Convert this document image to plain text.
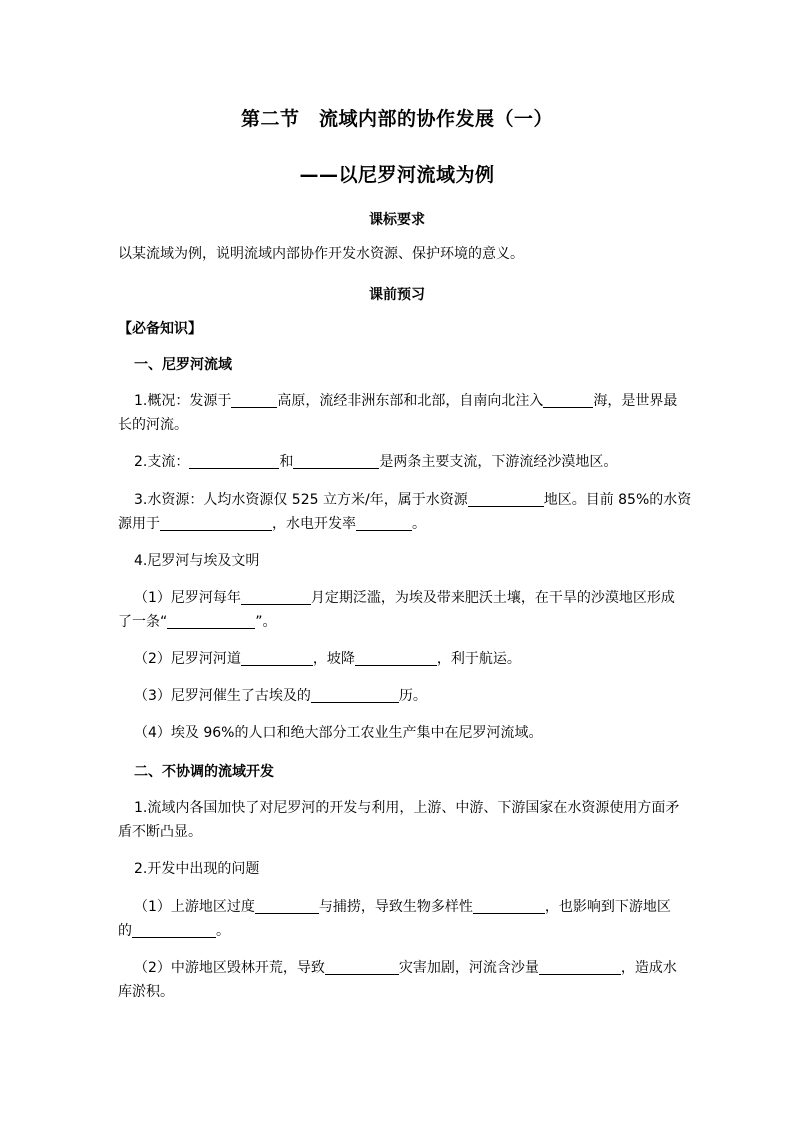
第二节　流域内部的协作发展（一）
——以尼罗河流域为例
课标要求
以某流域为例，说明流域内部协作开发水资源、保护环境的意义。
课前预习
【必备知识】
一、尼罗河流域
1.概况：发源于	高原，流经非洲东部和北部，自南向北注入	海，是世界最
长的河流。
2.支流：	和	是两条主要支流，下游流经沙漠地区。
3.水资源：人均水资源仅 525 立方米/年，属于水资源	地区。目前 85%的水资
源用于	，水电开发率	。
4.尼罗河与埃及文明
（1）尼罗河每年	月定期泛滥，为埃及带来肥沃土壤，在干旱的沙漠地区形成
了一条“	”。
（2）尼罗河河道	，坡降	，利于航运。
（3）尼罗河催生了古埃及的	历。
（4）埃及 96%的人口和绝大部分工农业生产集中在尼罗河流域。
二、不协调的流域开发
1.流域内各国加快了对尼罗河的开发与利用，上游、中游、下游国家在水资源使用方面矛
盾不断凸显。
2.开发中出现的问题
（1）上游地区过度	与捕捞，导致生物多样性	，也影响到下游地区
的	。
（2）中游地区毁林开荒，导致	灾害加剧，河流含沙量	，造成水
库淤积。
